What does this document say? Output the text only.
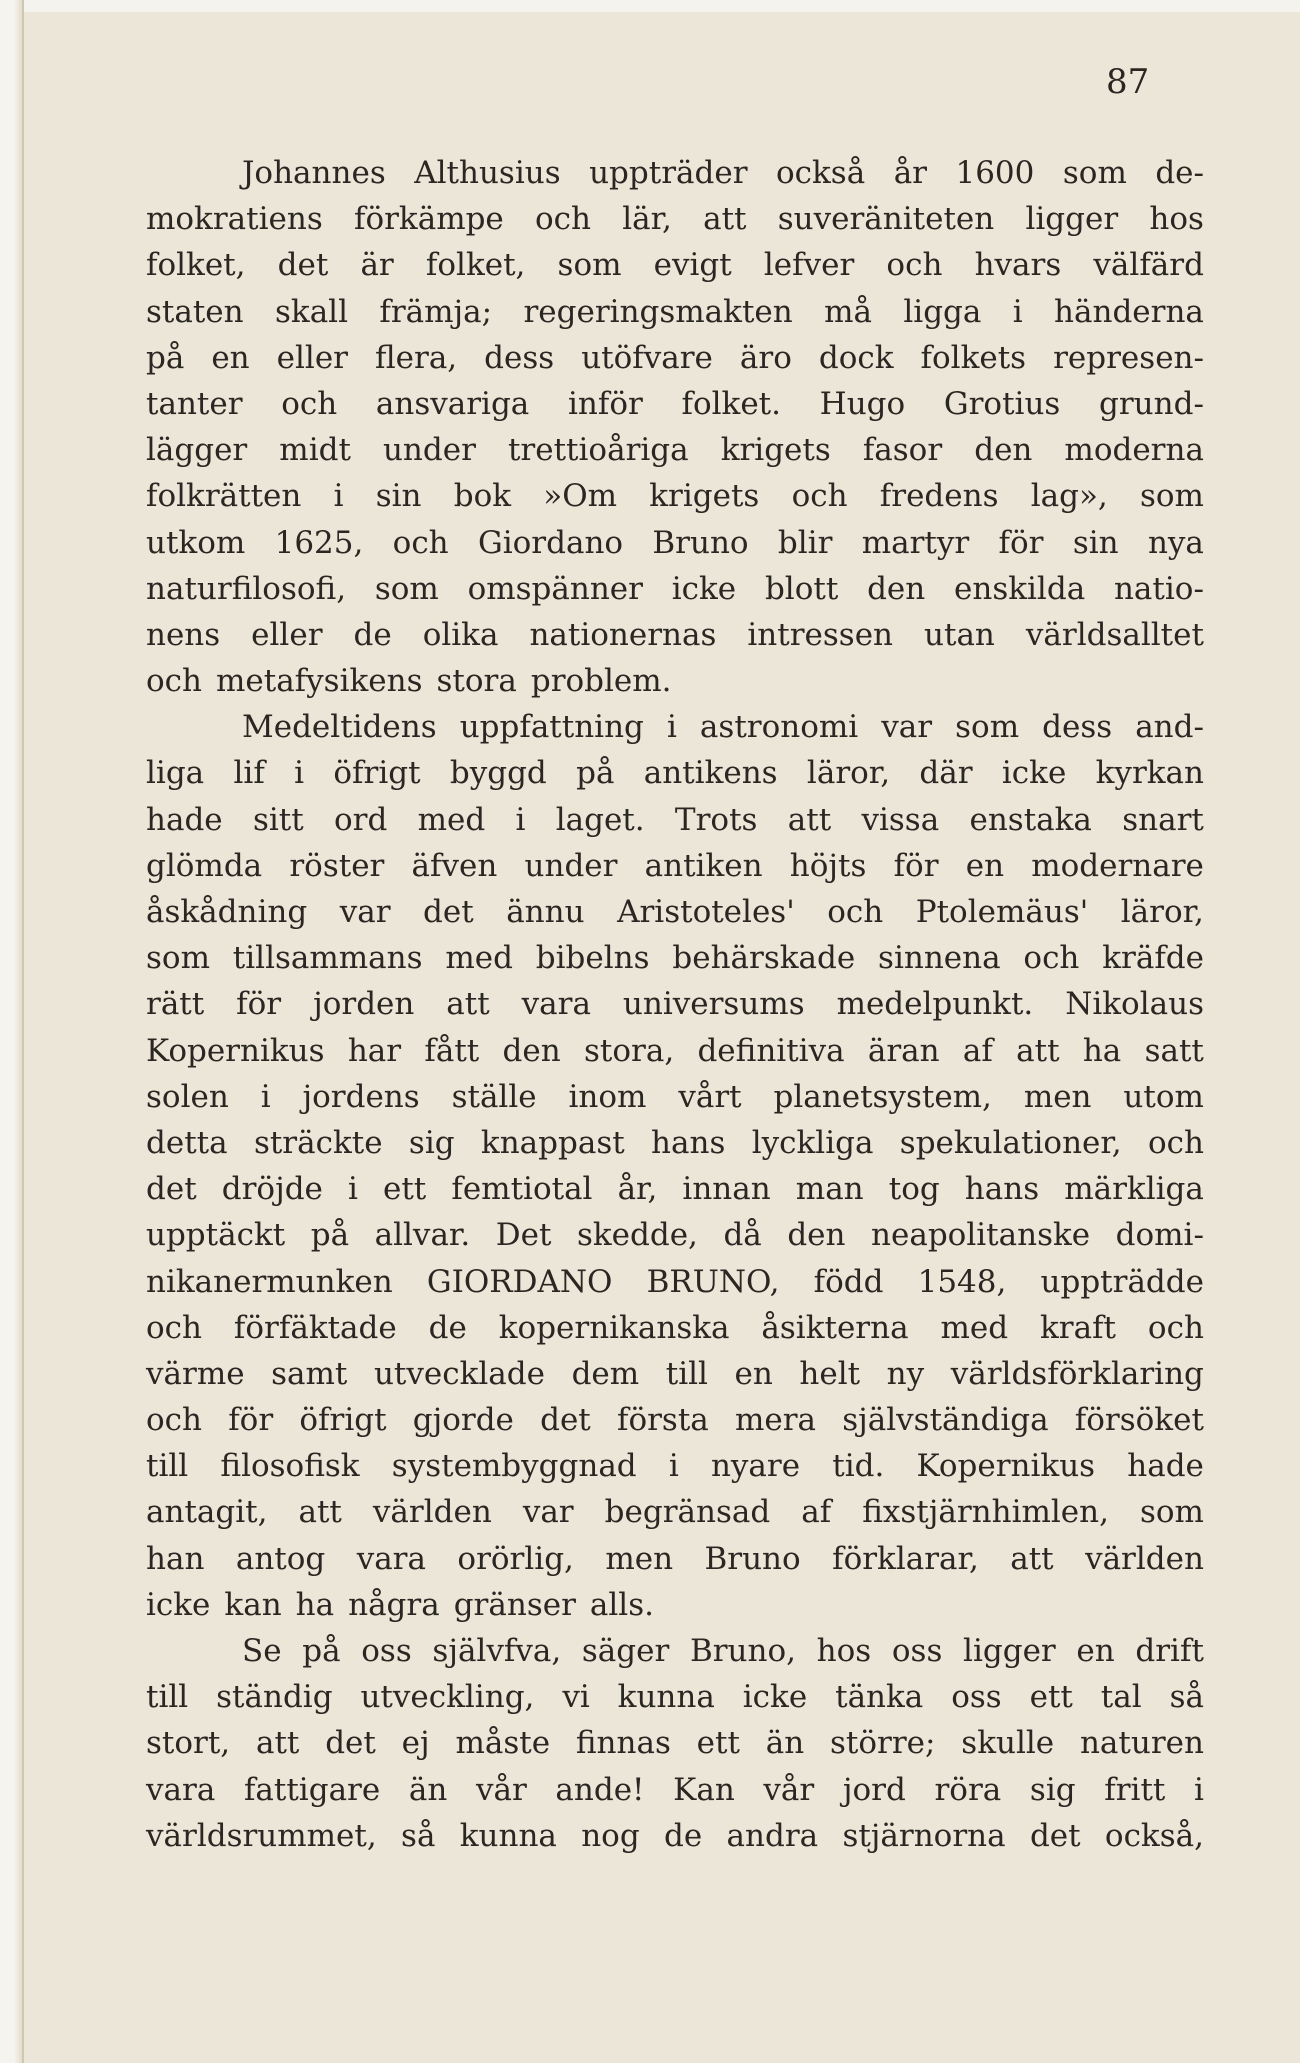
87

Johannes Althusius uppträder också år 1600 som de-
mokratiens förkämpe och lär, att suveräniteten ligger hos
folket, det är folket, som evigt lefver och hvars välfärd
staten skall främja; regeringsmakten må ligga i händerna
på en eller flera, dess utöfvare äro dock folkets represen-
tanter och ansvariga inför folket. Hugo Grotius grund-
lägger midt under trettioåriga krigets fasor den moderna
folkrätten i sin bok »Om krigets och fredens lag», som
utkom 1625, och Giordano Bruno blir martyr för sin nya
naturfilosofi, som omspänner icke blott den enskilda natio-
nens eller de olika nationernas intressen utan världsalltet
och metafysikens stora problem.
Medeltidens uppfattning i astronomi var som dess and-
liga lif i öfrigt byggd på antikens läror, där icke kyrkan
hade sitt ord med i laget. Trots att vissa enstaka snart
glömda röster äfven under antiken höjts för en modernare
åskådning var det ännu Aristoteles' och Ptolemäus' läror,
som tillsammans med bibelns behärskade sinnena och kräfde
rätt för jorden att vara universums medelpunkt. Nikolaus
Kopernikus har fått den stora, definitiva äran af att ha satt
solen i jordens ställe inom vårt planetsystem, men utom
detta sträckte sig knappast hans lyckliga spekulationer, och
det dröjde i ett femtiotal år, innan man tog hans märkliga
upptäckt på allvar. Det skedde, då den neapolitanske domi-
nikanermunken GIORDANO BRUNO, född 1548, uppträdde
och förfäktade de kopernikanska åsikterna med kraft och
värme samt utvecklade dem till en helt ny världsförklaring
och för öfrigt gjorde det första mera självständiga försöket
till filosofisk systembyggnad i nyare tid. Kopernikus hade
antagit, att världen var begränsad af fixstjärnhimlen, som
han antog vara orörlig, men Bruno förklarar, att världen
icke kan ha några gränser alls.
Se på oss självfva, säger Bruno, hos oss ligger en drift
till ständig utveckling, vi kunna icke tänka oss ett tal så
stort, att det ej måste finnas ett än större; skulle naturen
vara fattigare än vår ande! Kan vår jord röra sig fritt i
världsrummet, så kunna nog de andra stjärnorna det också,
